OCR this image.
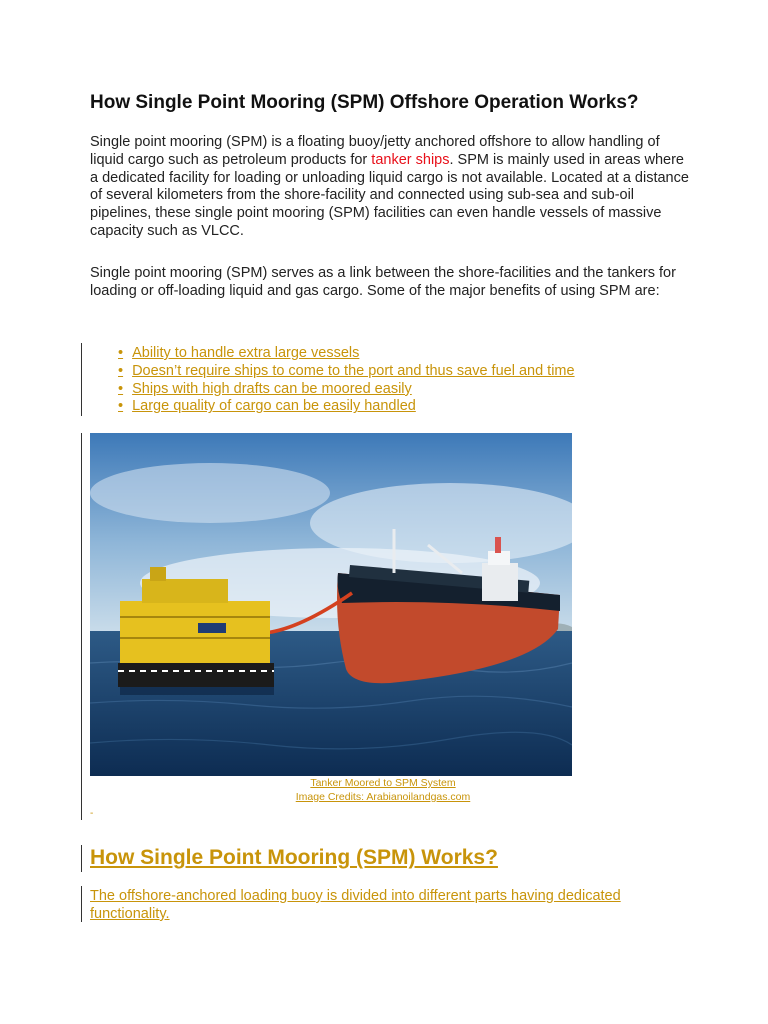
How Single Point Mooring (SPM) Offshore Operation Works?

Single point mooring (SPM) is a floating buoy/jetty anchored offshore to allow handling of liquid cargo such as petroleum products for tanker ships. SPM is mainly used in areas where a dedicated facility for loading or unloading liquid cargo is not available. Located at a distance of several kilometers from the shore-facility and connected using sub-sea and sub-oil pipelines, these single point mooring (SPM) facilities can even handle vessels of massive capacity such as VLCC.

Single point mooring (SPM) serves as a link between the shore-facilities and the tankers for loading or off-loading liquid and gas cargo. Some of the major benefits of using SPM are:

• Ability to handle extra large vessels
• Doesn’t require ships to come to the port and thus save fuel and time
• Ships with high drafts can be moored easily
• Large quality of cargo can be easily handled
Tanker Moored to SPM System
Image Credits: Arabianoilandgas.com
-
How Single Point Mooring (SPM) Works?

The offshore-anchored loading buoy is divided into different parts having dedicated functionality.
